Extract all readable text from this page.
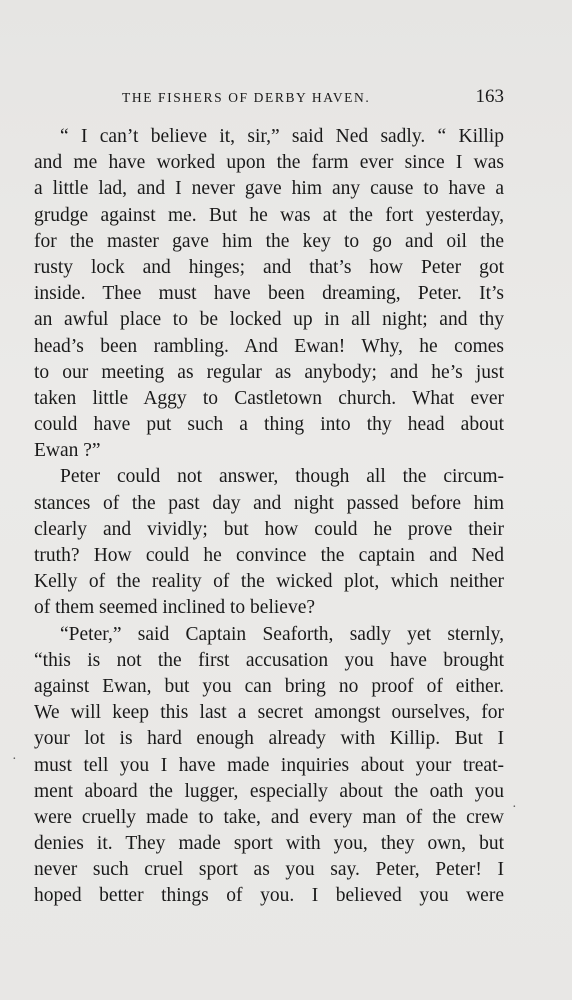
THE FISHERS OF DERBY HAVEN.	163
“ I can’t believe it, sir,” said Ned sadly. “ Killip
and me have worked upon the farm ever since I was
a little lad, and I never gave him any cause to have a
grudge against me. But he was at the fort yesterday,
for the master gave him the key to go and oil the
rusty lock and hinges; and that’s how Peter got
inside. Thee must have been dreaming, Peter. It’s
an awful place to be locked up in all night; and thy
head’s been rambling. And Ewan! Why, he comes
to our meeting as regular as anybody; and he’s just
taken little Aggy to Castletown church. What ever
could have put such a thing into thy head about
Ewan ?”
Peter could not answer, though all the circum-
stances of the past day and night passed before him
clearly and vividly; but how could he prove their
truth? How could he convince the captain and Ned
Kelly of the reality of the wicked plot, which neither
of them seemed inclined to believe?
“Peter,” said Captain Seaforth, sadly yet sternly,
“this is not the first accusation you have brought
against Ewan, but you can bring no proof of either.
We will keep this last a secret amongst ourselves, for
your lot is hard enough already with Killip. But I
must tell you I have made inquiries about your treat-
ment aboard the lugger, especially about the oath you
were cruelly made to take, and every man of the crew
denies it. They made sport with you, they own, but
never such cruel sport as you say. Peter, Peter! I
hoped better things of you. I believed you were
·
·
